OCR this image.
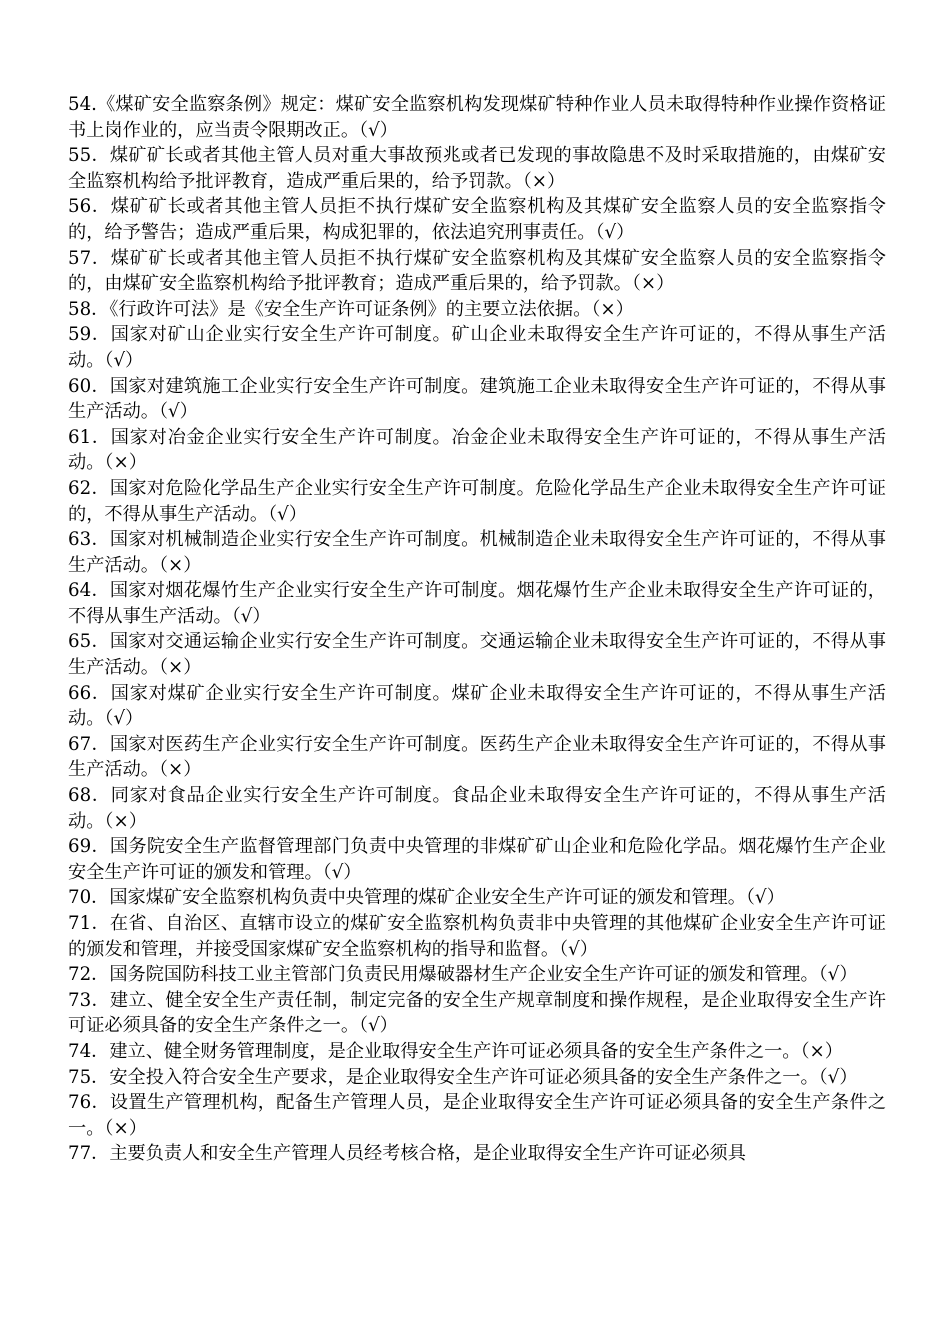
54.《煤矿安全监察条例》规定：煤矿安全监察机构发现煤矿特种作业人员未取得特种作业操作资格证书上岗作业的，应当责令限期改正。（√）

55．煤矿矿长或者其他主管人员对重大事故预兆或者已发现的事故隐患不及时采取措施的，由煤矿安全监察机构给予批评教育，造成严重后果的，给予罚款。（×）

56．煤矿矿长或者其他主管人员拒不执行煤矿安全监察机构及其煤矿安全监察人员的安全监察指令的，给予警告；造成严重后果，构成犯罪的，依法追究刑事责任。（√）

57．煤矿矿长或者其他主管人员拒不执行煤矿安全监察机构及其煤矿安全监察人员的安全监察指令的，由煤矿安全监察机构给予批评教育；造成严重后果的，给予罚款。（×）

58．《行政许可法》是《安全生产许可证条例》的主要立法依据。（×）

59．国家对矿山企业实行安全生产许可制度。矿山企业未取得安全生产许可证的，不得从事生产活动。（√）

60．国家对建筑施工企业实行安全生产许可制度。建筑施工企业未取得安全生产许可证的，不得从事生产活动。（√）

61．国家对冶金企业实行安全生产许可制度。冶金企业未取得安全生产许可证的，不得从事生产活动。（×）

62．国家对危险化学品生产企业实行安全生产许可制度。危险化学品生产企业未取得安全生产许可证的，不得从事生产活动。（√）

63．国家对机械制造企业实行安全生产许可制度。机械制造企业未取得安全生产许可证的，不得从事生产活动。（×）

64．国家对烟花爆竹生产企业实行安全生产许可制度。烟花爆竹生产企业未取得安全生产许可证的，不得从事生产活动。（√）

65．国家对交通运输企业实行安全生产许可制度。交通运输企业未取得安全生产许可证的，不得从事生产活动。（×）

66．国家对煤矿企业实行安全生产许可制度。煤矿企业未取得安全生产许可证的，不得从事生产活动。（√）

67．国家对医药生产企业实行安全生产许可制度。医药生产企业未取得安全生产许可证的，不得从事生产活动。（×）

68．同家对食品企业实行安全生产许可制度。食品企业未取得安全生产许可证的，不得从事生产活动。（×）

69．国务院安全生产监督管理部门负责中央管理的非煤矿矿山企业和危险化学品。烟花爆竹生产企业安全生产许可证的颁发和管理。（√）

70．国家煤矿安全监察机构负责中央管理的煤矿企业安全生产许可证的颁发和管理。（√）

71．在省、自治区、直辖市设立的煤矿安全监察机构负责非中央管理的其他煤矿企业安全生产许可证的颁发和管理，并接受国家煤矿安全监察机构的指导和监督。（√）

72．国务院国防科技工业主管部门负责民用爆破器材生产企业安全生产许可证的颁发和管理。（√）

73．建立、健全安全生产责任制，制定完备的安全生产规章制度和操作规程，是企业取得安全生产许可证必须具备的安全生产条件之一。（√）

74．建立、健全财务管理制度，是企业取得安全生产许可证必须具备的安全生产条件之一。（×）

75．安全投入符合安全生产要求，是企业取得安全生产许可证必须具备的安全生产条件之一。（√）

76．设置生产管理机构，配备生产管理人员，是企业取得安全生产许可证必须具备的安全生产条件之一。（×）

77．主要负责人和安全生产管理人员经考核合格，是企业取得安全生产许可证必须具
